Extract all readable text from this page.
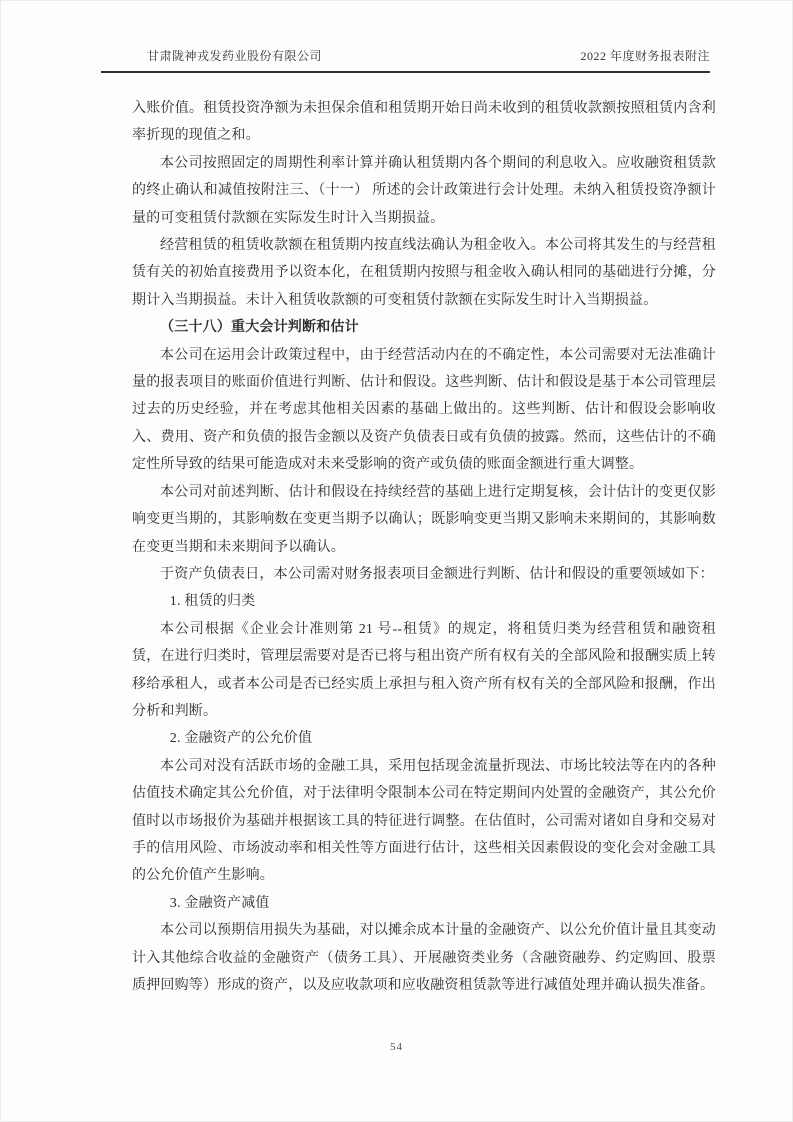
甘肃陇神戎发药业股份有限公司	2022 年度财务报表附注

入账价值。租赁投资净额为未担保余值和租赁期开始日尚未收到的租赁收款额按照租赁内含利率折现的现值之和。

本公司按照固定的周期性利率计算并确认租赁期内各个期间的利息收入。应收融资租赁款的终止确认和减值按附注三、（十一） 所述的会计政策进行会计处理。未纳入租赁投资净额计量的可变租赁付款额在实际发生时计入当期损益。

经营租赁的租赁收款额在租赁期内按直线法确认为租金收入。本公司将其发生的与经营租赁有关的初始直接费用予以资本化，在租赁期内按照与租金收入确认相同的基础进行分摊，分期计入当期损益。未计入租赁收款额的可变租赁付款额在实际发生时计入当期损益。

（三十八）重大会计判断和估计

本公司在运用会计政策过程中，由于经营活动内在的不确定性，本公司需要对无法准确计量的报表项目的账面价值进行判断、估计和假设。这些判断、估计和假设是基于本公司管理层过去的历史经验，并在考虑其他相关因素的基础上做出的。这些判断、估计和假设会影响收入、费用、资产和负债的报告金额以及资产负债表日或有负债的披露。然而，这些估计的不确定性所导致的结果可能造成对未来受影响的资产或负债的账面金额进行重大调整。

本公司对前述判断、估计和假设在持续经营的基础上进行定期复核，会计估计的变更仅影响变更当期的，其影响数在变更当期予以确认；既影响变更当期又影响未来期间的，其影响数在变更当期和未来期间予以确认。

于资产负债表日，本公司需对财务报表项目金额进行判断、估计和假设的重要领域如下：

1. 租赁的归类

本公司根据《企业会计准则第 21 号--租赁》的规定，将租赁归类为经营租赁和融资租赁，在进行归类时，管理层需要对是否已将与租出资产所有权有关的全部风险和报酬实质上转移给承租人，或者本公司是否已经实质上承担与租入资产所有权有关的全部风险和报酬，作出分析和判断。

2. 金融资产的公允价值

本公司对没有活跃市场的金融工具，采用包括现金流量折现法、市场比较法等在内的各种估值技术确定其公允价值，对于法律明令限制本公司在特定期间内处置的金融资产，其公允价值时以市场报价为基础并根据该工具的特征进行调整。在估值时，公司需对诸如自身和交易对手的信用风险、市场波动率和相关性等方面进行估计，这些相关因素假设的变化会对金融工具的公允价值产生影响。

3. 金融资产减值

本公司以预期信用损失为基础，对以摊余成本计量的金融资产、以公允价值计量且其变动计入其他综合收益的金融资产（债务工具）、开展融资类业务（含融资融券、约定购回、股票质押回购等）形成的资产，以及应收款项和应收融资租赁款等进行减值处理并确认损失准备。

54
